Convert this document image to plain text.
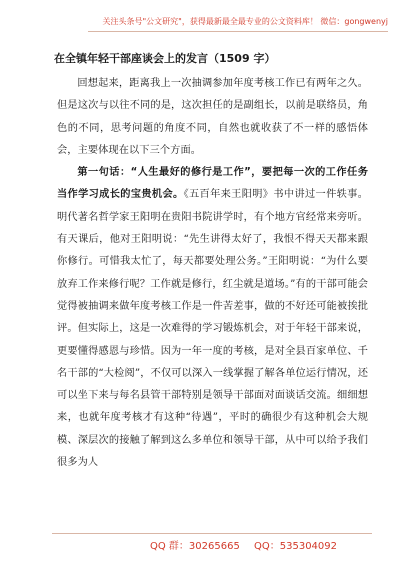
关注头条号"公文研究"，获得最新最全最专业的公文资料库！ 微信：gongwenyj
在全镇年轻干部座谈会上的发言（1509 字）

回想起来，距离我上一次抽调参加年度考核工作已有两年之久。但是这次与以往不同的是，这次担任的是副组长，以前是联络员，角色的不同，思考问题的角度不同，自然也就收获了不一样的感悟体会，主要体现在以下三个方面。

第一句话：“人生最好的修行是工作”，要把每一次的工作任务当作学习成长的宝贵机会。《五百年来王阳明》书中讲过一件轶事。明代著名哲学家王阳明在贵阳书院讲学时，有个地方官经常来旁听。有天课后，他对王阳明说：“先生讲得太好了，我恨不得天天都来跟你修行。可惜我太忙了，每天都要处理公务。”王阳明说：“为什么要放弃工作来修行呢？工作就是修行，红尘就是道场。”有的干部可能会觉得被抽调来做年度考核工作是一件苦差事，做的不好还可能被挨批评。但实际上，这是一次难得的学习锻炼机会，对于年轻干部来说，更要懂得感恩与珍惜。因为一年一度的考核，是对全县百家单位、千名干部的“大检阅”，不仅可以深入一线掌握了解各单位运行情况，还可以坐下来与每名县管干部特别是领导干部面对面谈话交流。细细想来，也就年度考核才有这种“待遇”，平时的确很少有这种机会大规模、深层次的接触了解到这么多单位和领导干部，从中可以给予我们很多为人

QQ 群：30265665 QQ：535304092
